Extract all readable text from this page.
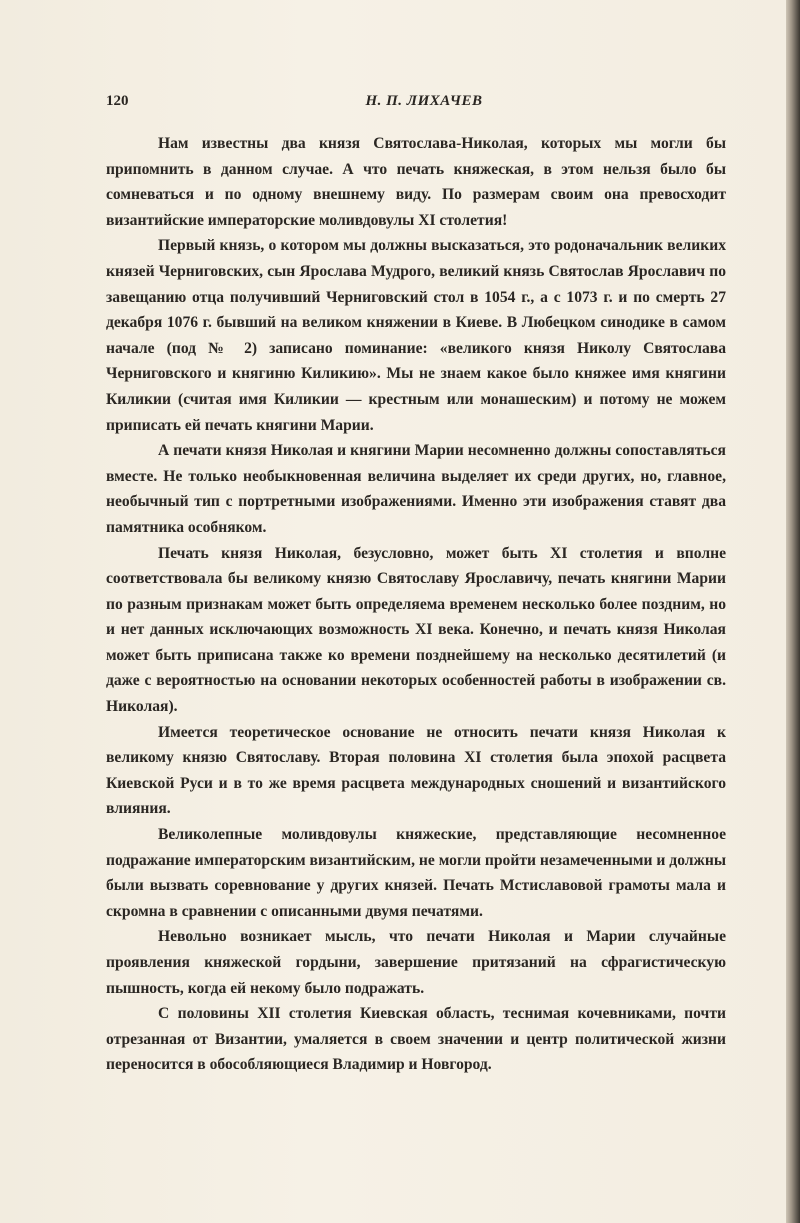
120	Н. П. ЛИХАЧЕВ

Нам известны два князя Святослава-Николая, которых мы могли бы припомнить в данном случае. А что печать княжеская, в этом нельзя было бы сомневаться и по одному внешнему виду. По размерам своим она превосходит византийские императорские моливдовулы XI столетия!

Первый князь, о котором мы должны высказаться, это родоначальник великих князей Черниговских, сын Ярослава Мудрого, великий князь Святослав Ярославич по завещанию отца получивший Черниговский стол в 1054 г., а с 1073 г. и по смерть 27 декабря 1076 г. бывший на великом княжении в Киеве. В Любецком синодике в самом начале (под № 2) записано поминание: «великого князя Николу Святослава Черниговского и княгиню Киликию». Мы не знаем какое было княжее имя княгини Киликии (считая имя Киликии — крестным или монашеским) и потому не можем приписать ей печать княгини Марии.

А печати князя Николая и княгини Марии несомненно должны сопоставляться вместе. Не только необыкновенная величина выделяет их среди других, но, главное, необычный тип с портретными изображениями. Именно эти изображения ставят два памятника особняком.

Печать князя Николая, безусловно, может быть XI столетия и вполне соответствовала бы великому князю Святославу Ярославичу, печать княгини Марии по разным признакам может быть определяема временем несколько более поздним, но и нет данных исключающих возможность XI века. Конечно, и печать князя Николая может быть приписана также ко времени позднейшему на несколько десятилетий (и даже с вероятностью на основании некоторых особенностей работы в изображении св. Николая).

Имеется теоретическое основание не относить печати князя Николая к великому князю Святославу. Вторая половина XI столетия была эпохой расцвета Киевской Руси и в то же время расцвета международных сношений и византийского влияния.

Великолепные моливдовулы княжеские, представляющие несомненное подражание императорским византийским, не могли пройти незамеченными и должны были вызвать соревнование у других князей. Печать Мстиславовой грамоты мала и скромна в сравнении с описанными двумя печатями.

Невольно возникает мысль, что печати Николая и Марии случайные проявления княжеской гордыни, завершение притязаний на сфрагистическую пышность, когда ей некому было подражать.

С половины XII столетия Киевская область, теснимая кочевниками, почти отрезанная от Византии, умаляется в своем значении и центр политической жизни переносится в обособляющиеся Владимир и Новгород.
